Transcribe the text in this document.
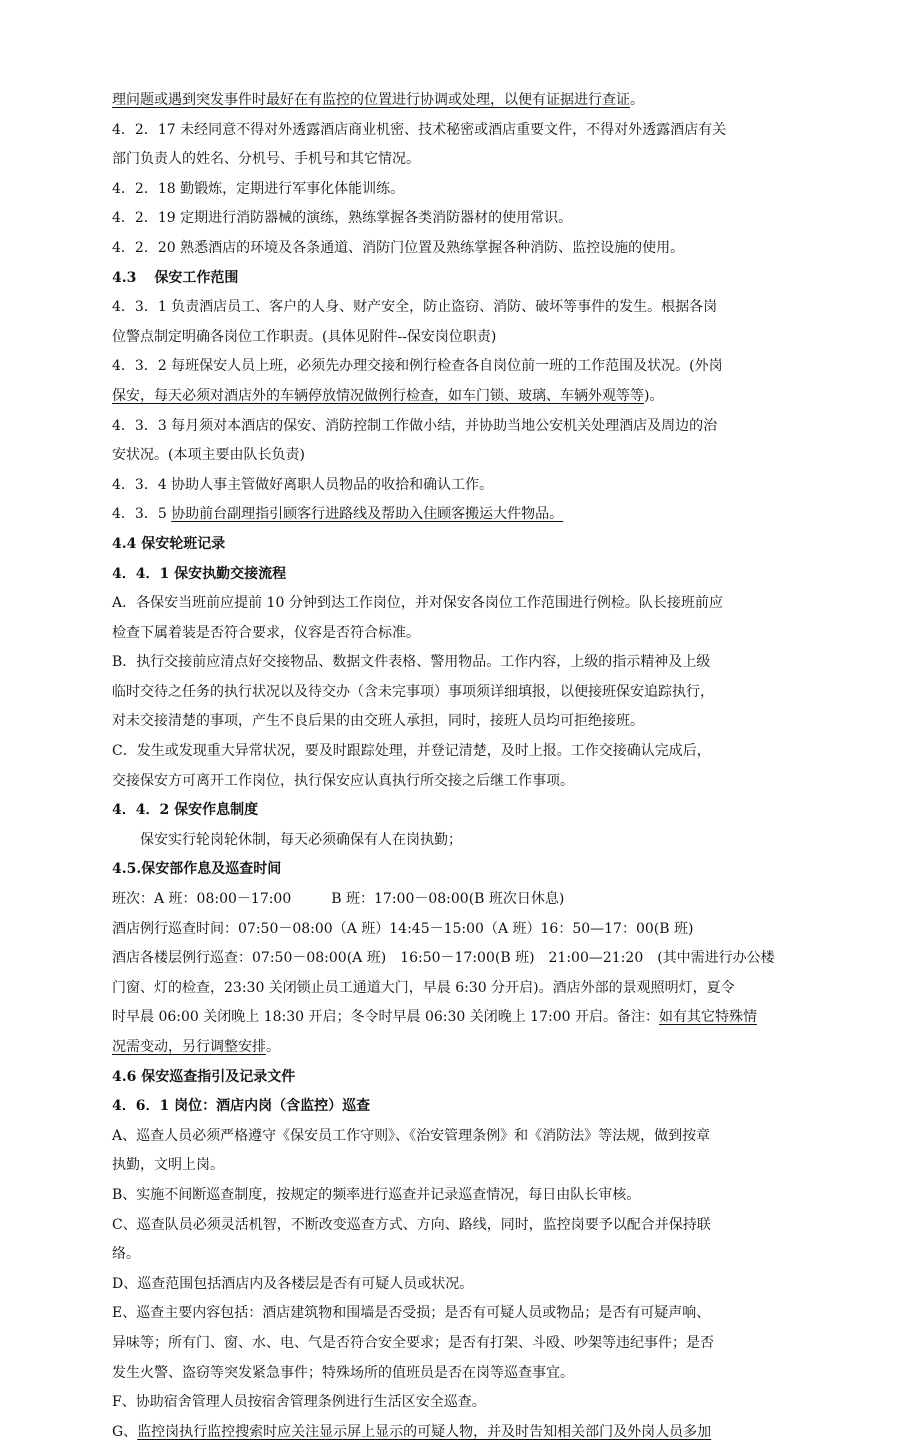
理问题或遇到突发事件时最好在有监控的位置进行协调或处理，以便有证据进行查证。
4．2．17 未经同意不得对外透露酒店商业机密、技术秘密或酒店重要文件，不得对外透露酒店有关
部门负责人的姓名、分机号、手机号和其它情况。
4．2．18 勤锻炼，定期进行军事化体能训练。
4．2．19 定期进行消防器械的演练，熟练掌握各类消防器材的使用常识。
4．2．20 熟悉酒店的环境及各条通道、消防门位置及熟练掌握各种消防、监控设施的使用。
4.3 保安工作范围
4．3．1 负责酒店员工、客户的人身、财产安全，防止盗窃、消防、破坏等事件的发生。根据各岗
位警点制定明确各岗位工作职责。(具体见附件--保安岗位职责)
4．3．2 每班保安人员上班，必须先办理交接和例行检查各自岗位前一班的工作范围及状况。(外岗
保安，每天必须对酒店外的车辆停放情况做例行检查，如车门锁、玻璃、车辆外观等等)。
4．3．3 每月须对本酒店的保安、消防控制工作做小结，并协助当地公安机关处理酒店及周边的治
安状况。(本项主要由队长负责)
4．3．4 协助人事主管做好离职人员物品的收拾和确认工作。
4．3．5 协助前台副理指引顾客行进路线及帮助入住顾客搬运大件物品。
4.4 保安轮班记录
4．4．1 保安执勤交接流程
A．各保安当班前应提前 10 分钟到达工作岗位，并对保安各岗位工作范围进行例检。队长接班前应
检查下属着装是否符合要求，仪容是否符合标准。
B．执行交接前应清点好交接物品、数据文件表格、警用物品。工作内容，上级的指示精神及上级
临时交待之任务的执行状况以及待交办（含未完事项）事项须详细填报，以便接班保安追踪执行，
对未交接清楚的事项，产生不良后果的由交班人承担，同时，接班人员均可拒绝接班。
C．发生或发现重大异常状况，要及时跟踪处理，并登记清楚，及时上报。工作交接确认完成后，
交接保安方可离开工作岗位，执行保安应认真执行所交接之后继工作事项。
4．4．2 保安作息制度
保安实行轮岗轮休制，每天必须确保有人在岗执勤；
4.5.保安部作息及巡查时间
班次：A 班：08:00－17:00	B 班：17:00－08:00(B 班次日休息)
酒店例行巡查时间：07:50－08:00（A 班）14:45－15:00（A 班）16：50—17：00(B 班)
酒店各楼层例行巡查：07:50－08:00(A 班)　16:50－17:00(B 班)　21:00—21:20　(其中需进行办公楼
门窗、灯的检查，23:30 关闭锁止员工通道大门，早晨 6:30 分开启)。酒店外部的景观照明灯，夏令
时早晨 06:00 关闭晚上 18:30 开启；冬令时早晨 06:30 关闭晚上 17:00 开启。备注：如有其它特殊情
况需变动，另行调整安排。
4.6 保安巡查指引及记录文件
4．6．1 岗位：酒店内岗（含监控）巡查
A、巡查人员必须严格遵守《保安员工作守则》、《治安管理条例》和《消防法》等法规，做到按章
执勤，文明上岗。
B、实施不间断巡查制度，按规定的频率进行巡查并记录巡查情况，每日由队长审核。
C、巡查队员必须灵活机智，不断改变巡查方式、方向、路线，同时，监控岗要予以配合并保持联
络。
D、巡查范围包括酒店内及各楼层是否有可疑人员或状况。
E、巡查主要内容包括：酒店建筑物和围墙是否受损；是否有可疑人员或物品；是否有可疑声响、
异味等；所有门、窗、水、电、气是否符合安全要求；是否有打架、斗殴、吵架等违纪事件；是否
发生火警、盗窃等突发紧急事件；特殊场所的值班员是否在岗等巡查事宜。
F、协助宿舍管理人员按宿舍管理条例进行生活区安全巡查。
G、监控岗执行监控搜索时应关注显示屏上显示的可疑人物，并及时告知相关部门及外岗人员多加
